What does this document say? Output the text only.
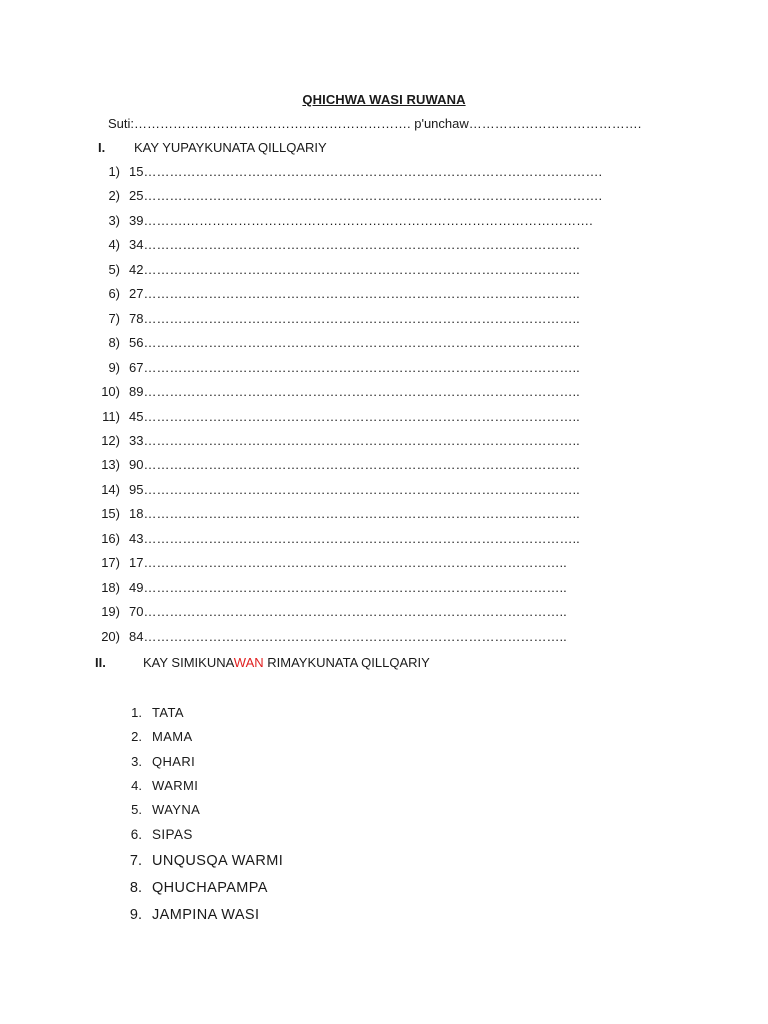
QHICHWA WASI RUWANA
Suti:………………………………………………………. p'unchaw………………………………….
I. KAY YUPAYKUNATA QILLQARIY
1) 15…………………………………………………………………………………………….
2) 25…………………………………………………………………………………………….
3) 39……….………………………………………………………………………………….
4) 34………………………………………………………………………………………..
5) 42………………………………………………………………………………………..
6) 27………………………………………………………………………………………..
7) 78………………………………………………………………………………………..
8) 56………………………………………………………………………………………..
9) 67………………………………………………………………………………………..
10) 89………………………………………………………………………………………..
11) 45………………………………………………………………………………………..
12) 33………………………………………………………………………………………..
13) 90………………………………………………………………………………………..
14) 95………………………………………………………………………………………..
15) 18………………………………………………………………………………………..
16) 43………………………………………………………………………………………..
17) 17……………………………………………………………………………………..
18) 49……………………………………………………………………………………..
19) 70……………………………………………………………………………………..
20) 84……………………………………………………………………………………..
II.	KAY SIMIKUNAWAN RIMAYKUNATA QILLQARIY
1. TATA
2. MAMA
3. QHARI
4. WARMI
5. WAYNA
6. SIPAS
7. UNQUSQA WARMI
8. QHUCHAPAMPA
9. JAMPINA WASI
